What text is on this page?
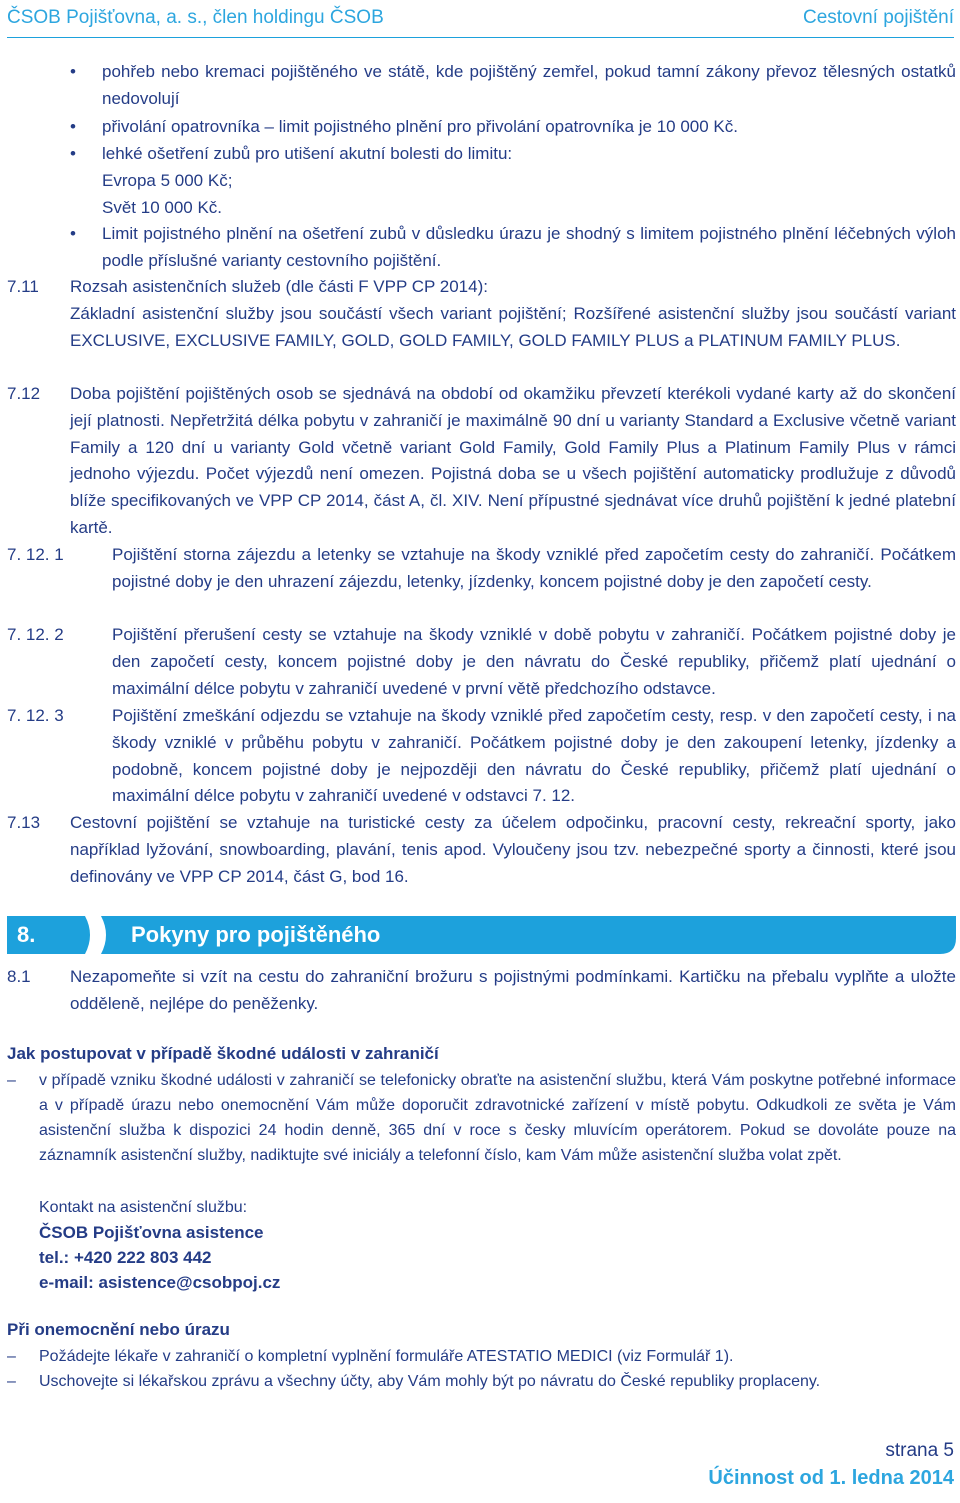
ČSOB Pojišťovna, a. s., člen holdingu ČSOB	Cestovní pojištění
• pohřeb nebo kremaci pojištěného ve státě, kde pojištěný zemřel, pokud tamní zákony převoz tělesných ostatků nedovolují
• přivolání opatrovníka – limit pojistného plnění pro přivolání opatrovníka je 10 000 Kč.
• lehké ošetření zubů pro utišení akutní bolesti do limitu:
Evropa 5 000 Kč;
Svět 10 000 Kč.
• Limit pojistného plnění na ošetření zubů v důsledku úrazu je shodný s limitem pojistného plnění léčebných výloh podle příslušné varianty cestovního pojištění.
7.11 Rozsah asistenčních služeb (dle části F VPP CP 2014):
Základní asistenční služby jsou součástí všech variant pojištění; Rozšířené asistenční služby jsou součástí variant EXCLUSIVE, EXCLUSIVE FAMILY, GOLD, GOLD FAMILY, GOLD FAMILY PLUS a PLATINUM FAMILY PLUS.
7.12 Doba pojištění pojištěných osob se sjednává na období od okamžiku převzetí kterékoli vydané karty až do skončení její platnosti. Nepřetržitá délka pobytu v zahraničí je maximálně 90 dní u varianty Standard a Exclusive včetně variant Family a 120 dní u varianty Gold včetně variant Gold Family, Gold Family Plus a Platinum Family Plus v rámci jednoho výjezdu. Počet výjezdů není omezen. Pojistná doba se u všech pojištění automaticky prodlužuje z důvodů blíže specifikovaných ve VPP CP 2014, část A, čl. XIV. Není přípustné sjednávat více druhů pojištění k jedné platební kartě.
7. 12. 1	Pojištění storna zájezdu a letenky se vztahuje na škody vzniklé před započetím cesty do zahraničí. Počátkem pojistné doby je den uhrazení zájezdu, letenky, jízdenky, koncem pojistné doby je den započetí cesty.
7. 12. 2	Pojištění přerušení cesty se vztahuje na škody vzniklé v době pobytu v zahraničí. Počátkem pojistné doby je den započetí cesty, koncem pojistné doby je den návratu do České republiky, přičemž platí ujednání o maximální délce pobytu v zahraničí uvedené v první větě předchozího odstavce.
7. 12. 3	Pojištění zmeškání odjezdu se vztahuje na škody vzniklé před započetím cesty, resp. v den započetí cesty, i na škody vzniklé v průběhu pobytu v zahraničí. Počátkem pojistné doby je den zakoupení letenky, jízdenky a podobně, koncem pojistné doby je nejpozději den návratu do České republiky, přičemž platí ujednání o maximální délce pobytu v zahraničí uvedené v odstavci 7. 12.
7.13 Cestovní pojištění se vztahuje na turistické cesty za účelem odpočinku, pracovní cesty, rekreační sporty, jako například lyžování, snowboarding, plavání, tenis apod. Vyloučeny jsou tzv. nebezpečné sporty a činnosti, které jsou definovány ve VPP CP 2014, část G, bod 16.
8.	Pokyny pro pojištěného
8.1 Nezapomeňte si vzít na cestu do zahraniční brožuru s pojistnými podmínkami. Kartičku na přebalu vyplňte a uložte odděleně, nejlépe do peněženky.
Jak postupovat v případě škodné události v zahraničí
– v případě vzniku škodné události v zahraničí se telefonicky obraťte na asistenční službu, která Vám poskytne potřebné informace a v případě úrazu nebo onemocnění Vám může doporučit zdravotnické zařízení v místě pobytu. Odkudkoli ze světa je Vám asistenční služba k dispozici 24 hodin denně, 365 dní v roce s česky mluvícím operátorem. Pokud se dovoláte pouze na záznamník asistenční služby, nadiktujte své iniciály a telefonní číslo, kam Vám může asistenční služba volat zpět.
Kontakt na asistenční službu:
ČSOB Pojišťovna asistence
tel.: +420 222 803 442
e-mail: asistence@csobpoj.cz
Při onemocnění nebo úrazu
– Požádejte lékaře v zahraničí o kompletní vyplnění formuláře ATESTATIO MEDICI (viz Formulář 1).
– Uschovejte si lékařskou zprávu a všechny účty, aby Vám mohly být po návratu do České republiky proplaceny.
strana 5
Účinnost od 1. ledna 2014
